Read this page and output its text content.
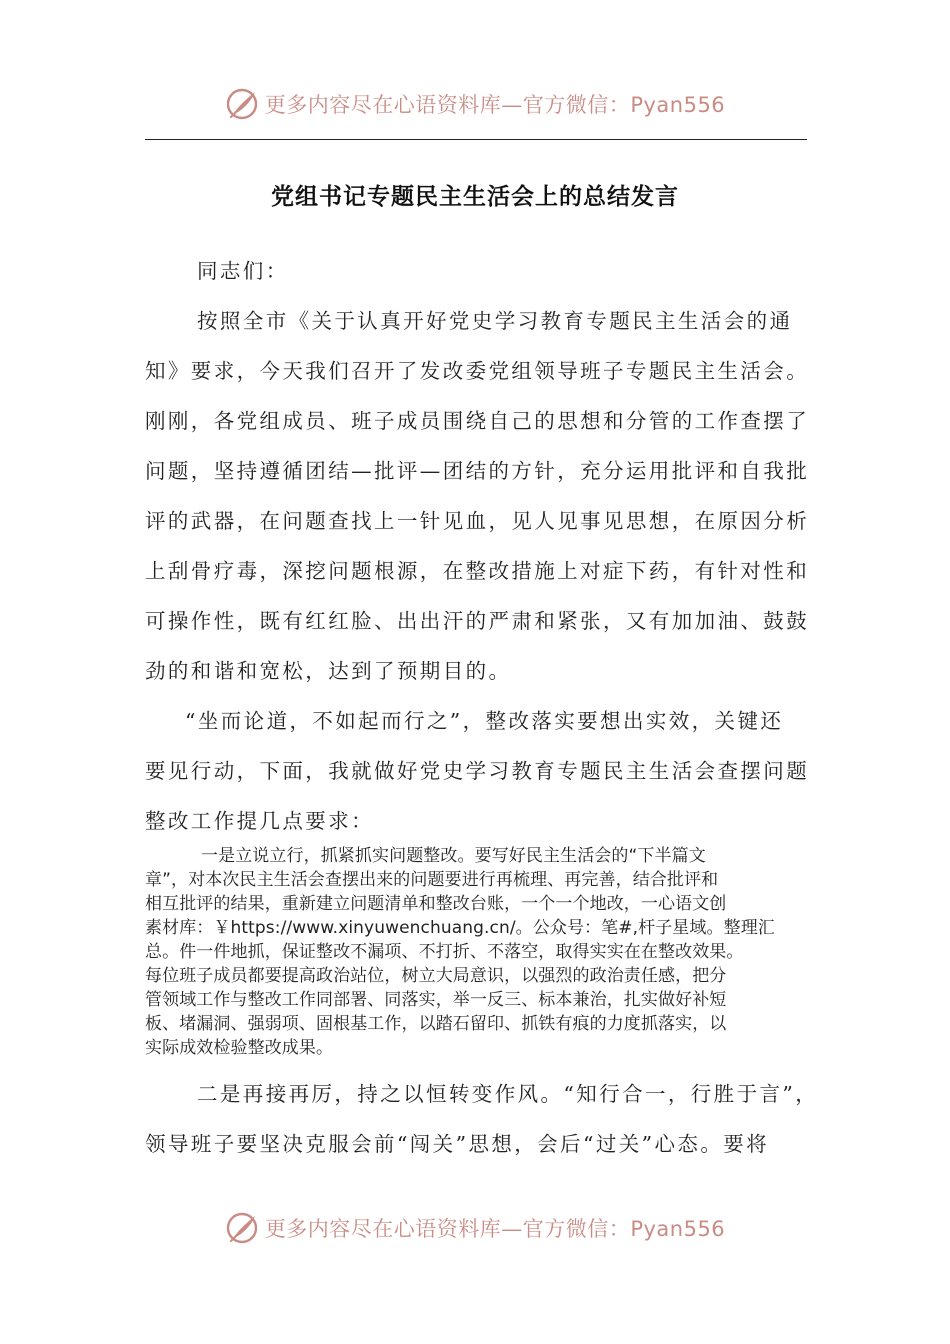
更多内容尽在心语资料库—官方微信：Pyan556
党组书记专题民主生活会上的总结发言
同志们：
按照全市《关于认真开好党史学习教育专题民主生活会的通
知》要求，今天我们召开了发改委党组领导班子专题民主生活会。
刚刚，各党组成员、班子成员围绕自己的思想和分管的工作查摆了
问题，坚持遵循团结—批评—团结的方针，充分运用批评和自我批
评的武器，在问题查找上一针见血，见人见事见思想，在原因分析
上刮骨疗毒，深挖问题根源，在整改措施上对症下药，有针对性和
可操作性，既有红红脸、出出汗的严肃和紧张，又有加加油、鼓鼓
劲的和谐和宽松，达到了预期目的。
“坐而论道，不如起而行之”，整改落实要想出实效，关键还
要见行动，下面，我就做好党史学习教育专题民主生活会查摆问题
整改工作提几点要求：
二是再接再厉，持之以恒转变作风。“知行合一，行胜于言”，
领导班子要坚决克服会前“闯关”思想，会后“过关”心态。要将
一是立说立行，抓紧抓实问题整改。要写好民主生活会的“下半篇文
章”，对本次民主生活会查摆出来的问题要进行再梳理、再完善，结合批评和
相互批评的结果，重新建立问题清单和整改台账，一个一个地改，一心语文创
素材库：￥https://www.xinyuwenchuang.cn/。公众号：笔#,杆子星域。整理汇
总。件一件地抓，保证整改不漏项、不打折、不落空，取得实实在在整改效果。
每位班子成员都要提高政治站位，树立大局意识，以强烈的政治责任感，把分
管领域工作与整改工作同部署、同落实，举一反三、标本兼治，扎实做好补短
板、堵漏洞、强弱项、固根基工作，以踏石留印、抓铁有痕的力度抓落实，以
实际成效检验整改成果。
更多内容尽在心语资料库—官方微信：Pyan556
